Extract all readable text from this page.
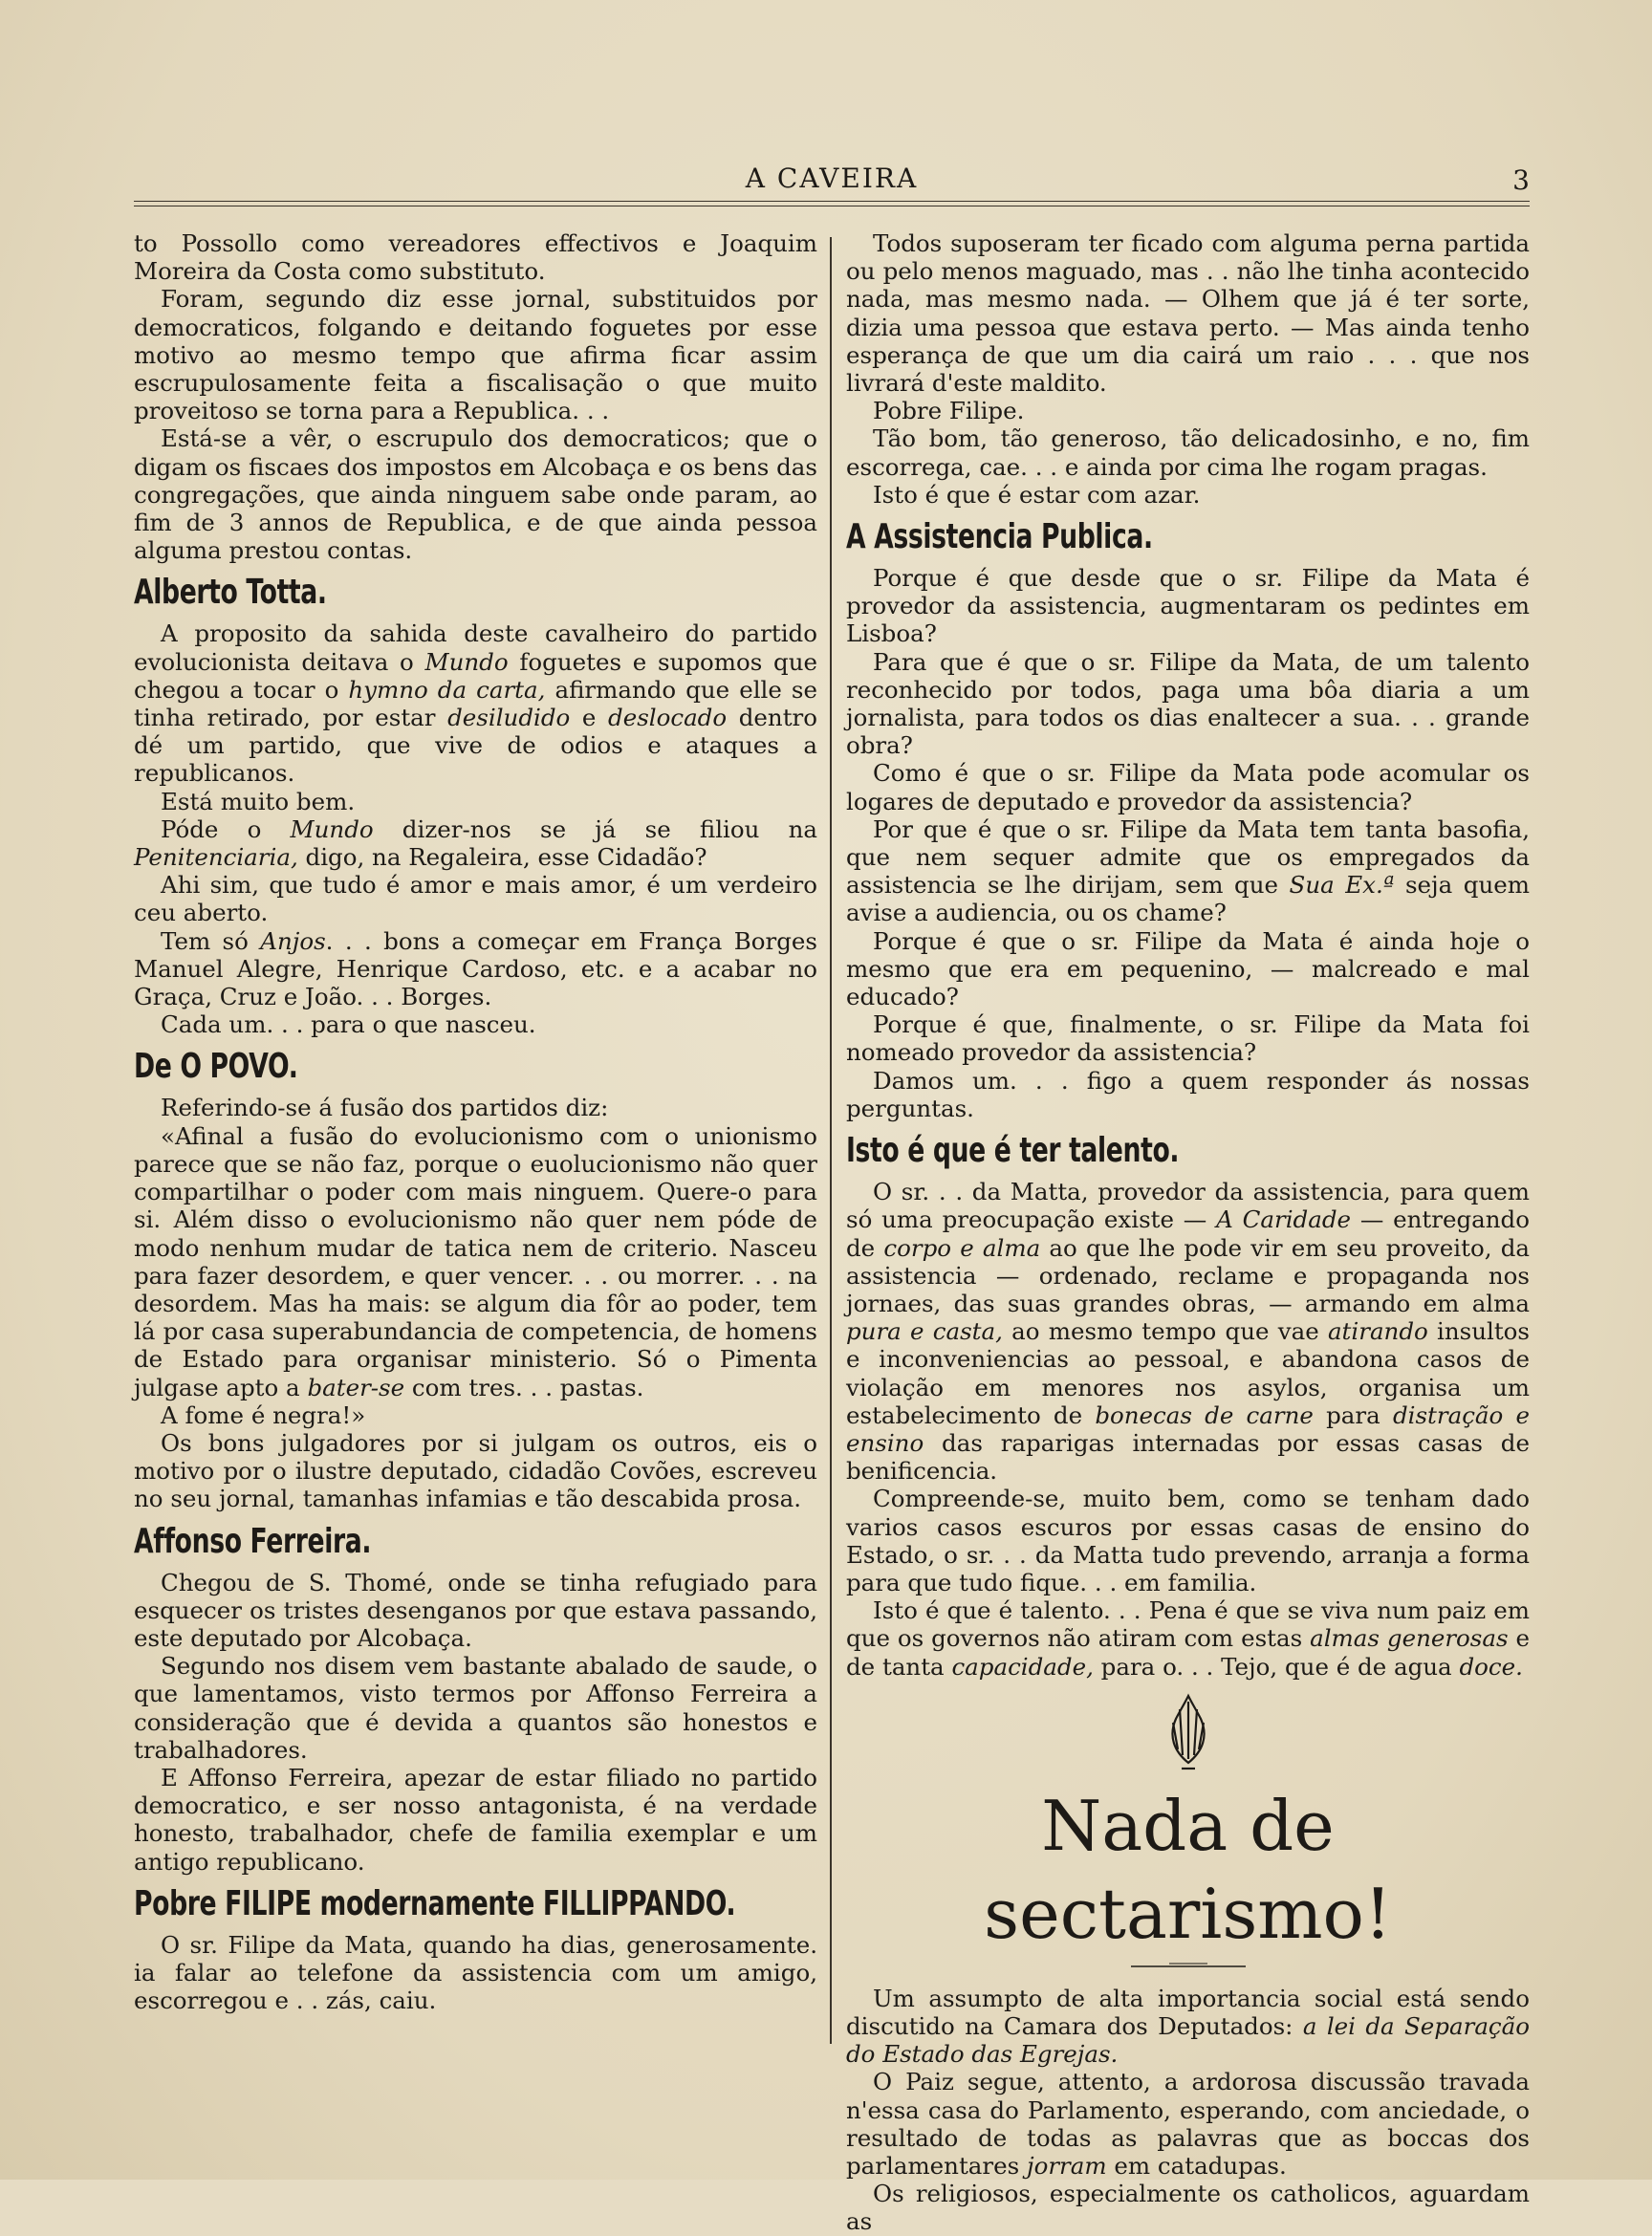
A CAVEIRA	3

to Possollo como vereadores effectivos e Joaquim Moreira da Costa como substituto.

Foram, segundo diz esse jornal, substituidos por democraticos, folgando e deitando foguetes por esse motivo ao mesmo tempo que afirma ficar assim escrupulosamente feita a fiscalisação o que muito proveitoso se torna para a Republica. . .

Está-se a vêr, o escrupulo dos democraticos; que o digam os fiscaes dos impostos em Alcobaça e os bens das congregações, que ainda ninguem sabe onde param, ao fim de 3 annos de Republica, e de que ainda pessoa alguma prestou contas.

Alberto Totta.

A proposito da sahida deste cavalheiro do partido evolucionista deitava o Mundo foguetes e supomos que chegou a tocar o hymno da carta, afirmando que elle se tinha retirado, por estar desiludido e deslocado dentro dé um partido, que vive de odios e ataques a republicanos.

Está muito bem.

Póde o Mundo dizer-nos se já se filiou na Penitenciaria, digo, na Regaleira, esse Cidadão?

Ahi sim, que tudo é amor e mais amor, é um verdeiro ceu aberto.

Tem só Anjos. . . bons a começar em França Borges Manuel Alegre, Henrique Cardoso, etc. e a acabar no Graça, Cruz e João. . . Borges.

Cada um. . . para o que nasceu.

De O POVO.

Referindo-se á fusão dos partidos diz:

«Afinal a fusão do evolucionismo com o unionismo parece que se não faz, porque o euolucionismo não quer compartilhar o poder com mais ninguem. Quere-o para si. Além disso o evolucionismo não quer nem póde de modo nenhum mudar de tatica nem de criterio. Nasceu para fazer desordem, e quer vencer. . . ou morrer. . . na desordem. Mas ha mais: se algum dia fôr ao poder, tem lá por casa superabundancia de competencia, de homens de Estado para organisar ministerio. Só o Pimenta julgase apto a bater-se com tres. . . pastas.

A fome é negra!»

Os bons julgadores por si julgam os outros, eis o motivo por o ilustre deputado, cidadão Covões, escreveu no seu jornal, tamanhas infamias e tão descabida prosa.

Affonso Ferreira.

Chegou de S. Thomé, onde se tinha refugiado para esquecer os tristes desenganos por que estava passando, este deputado por Alcobaça.

Segundo nos disem vem bastante abalado de saude, o que lamentamos, visto termos por Affonso Ferreira a consideração que é devida a quantos são honestos e trabalhadores.

E Affonso Ferreira, apezar de estar filiado no partido democratico, e ser nosso antagonista, é na verdade honesto, trabalhador, chefe de familia exemplar e um antigo republicano.

Pobre FILIPE modernamente FILLIPPANDO.

O sr. Filipe da Mata, quando ha dias, generosamente. ia falar ao telefone da assistencia com um amigo, escorregou e . . zás, caiu.

Todos suposeram ter ficado com alguma perna partida ou pelo menos maguado, mas . . não lhe tinha acontecido nada, mas mesmo nada. — Olhem que já é ter sorte, dizia uma pessoa que estava perto. — Mas ainda tenho esperança de que um dia cairá um raio . . . que nos livrará d'este maldito.

Pobre Filipe.

Tão bom, tão generoso, tão delicadosinho, e no, fim escorrega, cae. . . e ainda por cima lhe rogam pragas.

Isto é que é estar com azar.

A Assistencia Publica.

Porque é que desde que o sr. Filipe da Mata é provedor da assistencia, augmentaram os pedintes em Lisboa?

Para que é que o sr. Filipe da Mata, de um talento reconhecido por todos, paga uma bôa diaria a um jornalista, para todos os dias enaltecer a sua. . . grande obra?

Como é que o sr. Filipe da Mata pode acomular os logares de deputado e provedor da assistencia?

Por que é que o sr. Filipe da Mata tem tanta basofia, que nem sequer admite que os empregados da assistencia se lhe dirijam, sem que Sua Ex.ª seja quem avise a audiencia, ou os chame?

Porque é que o sr. Filipe da Mata é ainda hoje o mesmo que era em pequenino, — malcreado e mal educado?

Porque é que, finalmente, o sr. Filipe da Mata foi nomeado provedor da assistencia?

Damos um. . . figo a quem responder ás nossas perguntas.

Isto é que é ter talento.

O sr. . . da Matta, provedor da assistencia, para quem só uma preocupação existe — A Caridade — entregando de corpo e alma ao que lhe pode vir em seu proveito, da assistencia — ordenado, reclame e propaganda nos jornaes, das suas grandes obras, — armando em alma pura e casta, ao mesmo tempo que vae atirando insultos e inconveniencias ao pessoal, e abandona casos de violação em menores nos asylos, organisa um estabelecimento de bonecas de carne para distração e ensino das raparigas internadas por essas casas de benificencia.

Compreende-se, muito bem, como se tenham dado varios casos escuros por essas casas de ensino do Estado, o sr. . . da Matta tudo prevendo, arranja a forma para que tudo fique. . . em familia.

Isto é que é talento. . . Pena é que se viva num paiz em que os governos não atiram com estas almas generosas e de tanta capacidade, para o. . . Tejo, que é de agua doce.

Nada de sectarismo!

Um assumpto de alta importancia social está sendo discutido na Camara dos Deputados: a lei da Separação do Estado das Egrejas.

O Paiz segue, attento, a ardorosa discussão travada n'essa casa do Parlamento, esperando, com anciedade, o resultado de todas as palavras que as boccas dos parlamentares jorram em catadupas.

Os religiosos, especialmente os catholicos, aguardam as
